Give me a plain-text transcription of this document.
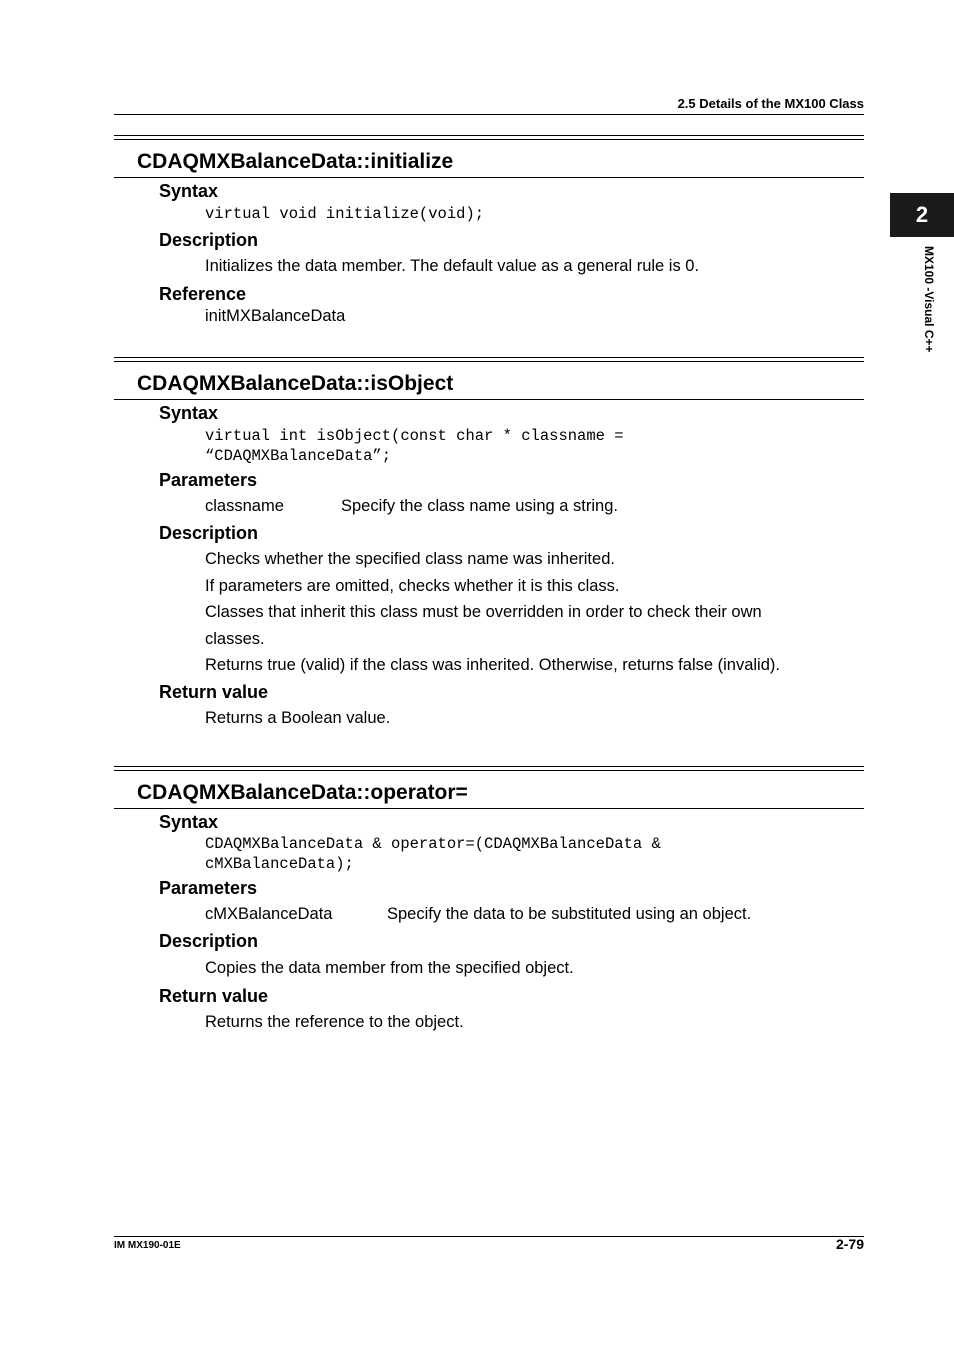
2.5 Details of the MX100 Class
2
MX100 -Visual C++
CDAQMXBalanceData::initialize
Syntax
virtual void initialize(void);
Description
Initializes the data member. The default value as a general rule is 0.
Reference
initMXBalanceData
CDAQMXBalanceData::isObject
Syntax
virtual int isObject(const char * classname =
“CDAQMXBalanceData”;
Parameters
classname	Specify the class name using a string.
Description
Checks whether the specified class name was inherited.
If parameters are omitted, checks whether it is this class.
Classes that inherit this class must be overridden in order to check their own
classes.
Returns true (valid) if the class was inherited. Otherwise, returns false (invalid).
Return value
Returns a Boolean value.
CDAQMXBalanceData::operator=
Syntax
CDAQMXBalanceData & operator=(CDAQMXBalanceData &
cMXBalanceData);
Parameters
cMXBalanceData	Specify the data to be substituted using an object.
Description
Copies the data member from the specified object.
Return value
Returns the reference to the object.
IM MX190-01E	2-79
